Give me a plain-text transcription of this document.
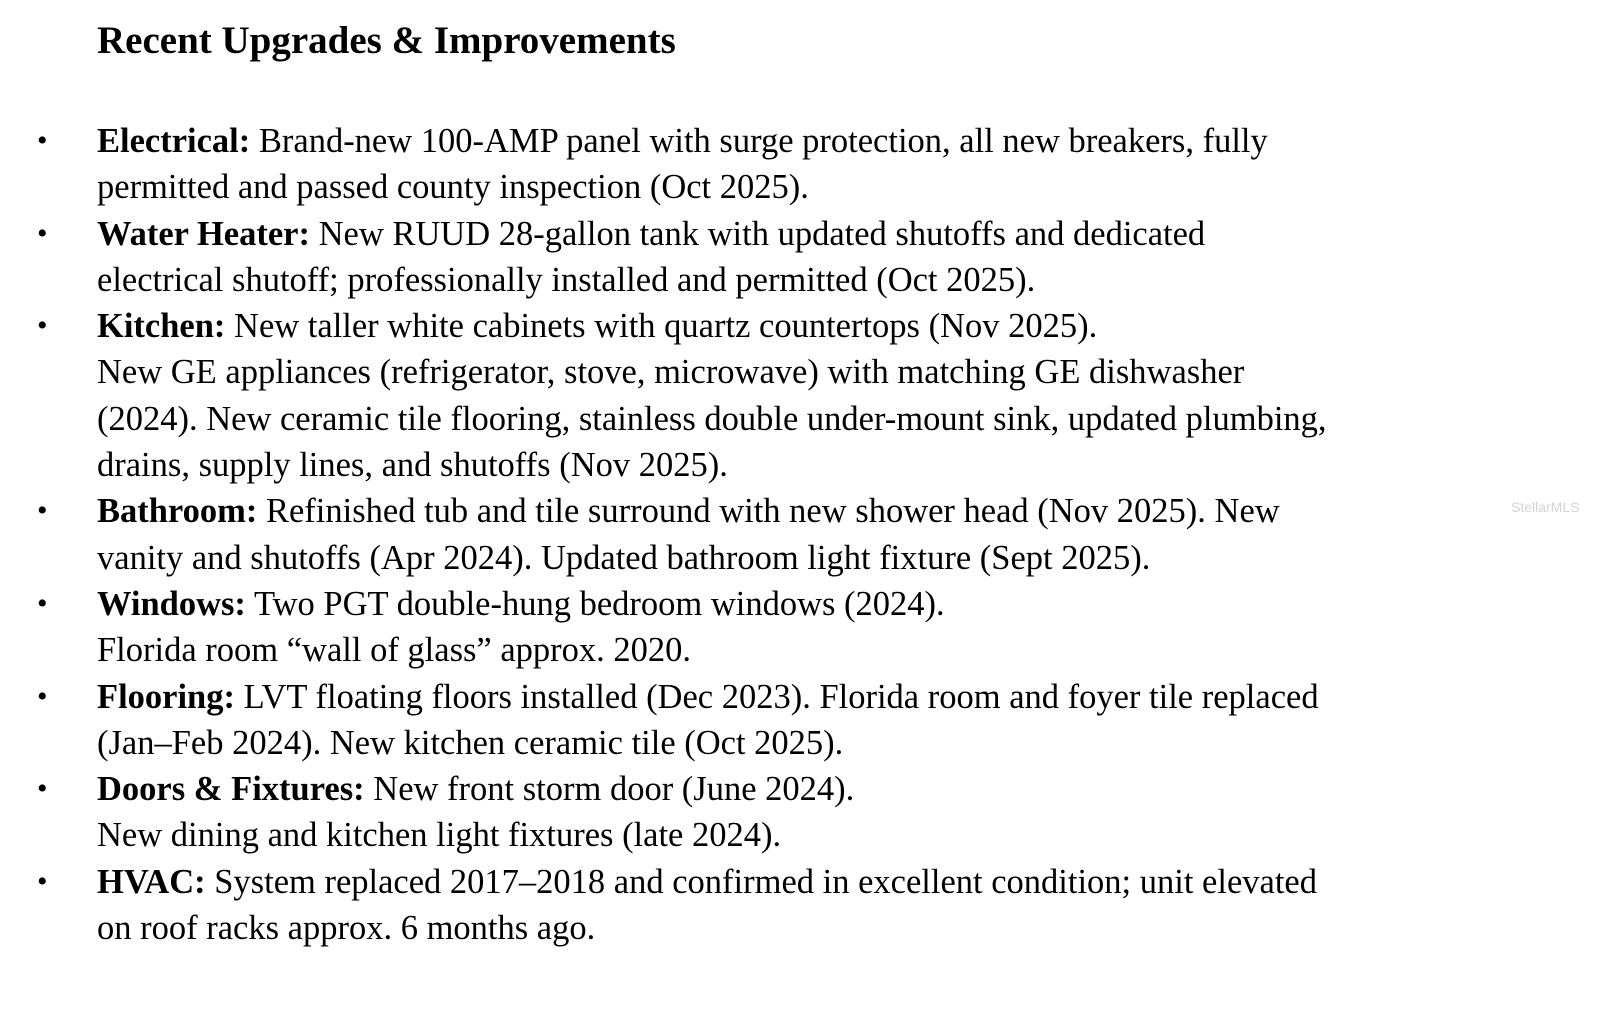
Recent Upgrades & Improvements
• Electrical: Brand-new 100-AMP panel with surge protection, all new breakers, fully
permitted and passed county inspection (Oct 2025).
• Water Heater: New RUUD 28-gallon tank with updated shutoffs and dedicated
electrical shutoff; professionally installed and permitted (Oct 2025).
• Kitchen: New taller white cabinets with quartz countertops (Nov 2025).
New GE appliances (refrigerator, stove, microwave) with matching GE dishwasher
(2024). New ceramic tile flooring, stainless double under-mount sink, updated plumbing,
drains, supply lines, and shutoffs (Nov 2025).
• Bathroom: Refinished tub and tile surround with new shower head (Nov 2025). New
vanity and shutoffs (Apr 2024). Updated bathroom light fixture (Sept 2025).
• Windows: Two PGT double-hung bedroom windows (2024).
Florida room “wall of glass” approx. 2020.
• Flooring: LVT floating floors installed (Dec 2023). Florida room and foyer tile replaced
(Jan–Feb 2024). New kitchen ceramic tile (Oct 2025).
• Doors & Fixtures: New front storm door (June 2024).
New dining and kitchen light fixtures (late 2024).
• HVAC: System replaced 2017–2018 and confirmed in excellent condition; unit elevated
on roof racks approx. 6 months ago.
StellarMLS
